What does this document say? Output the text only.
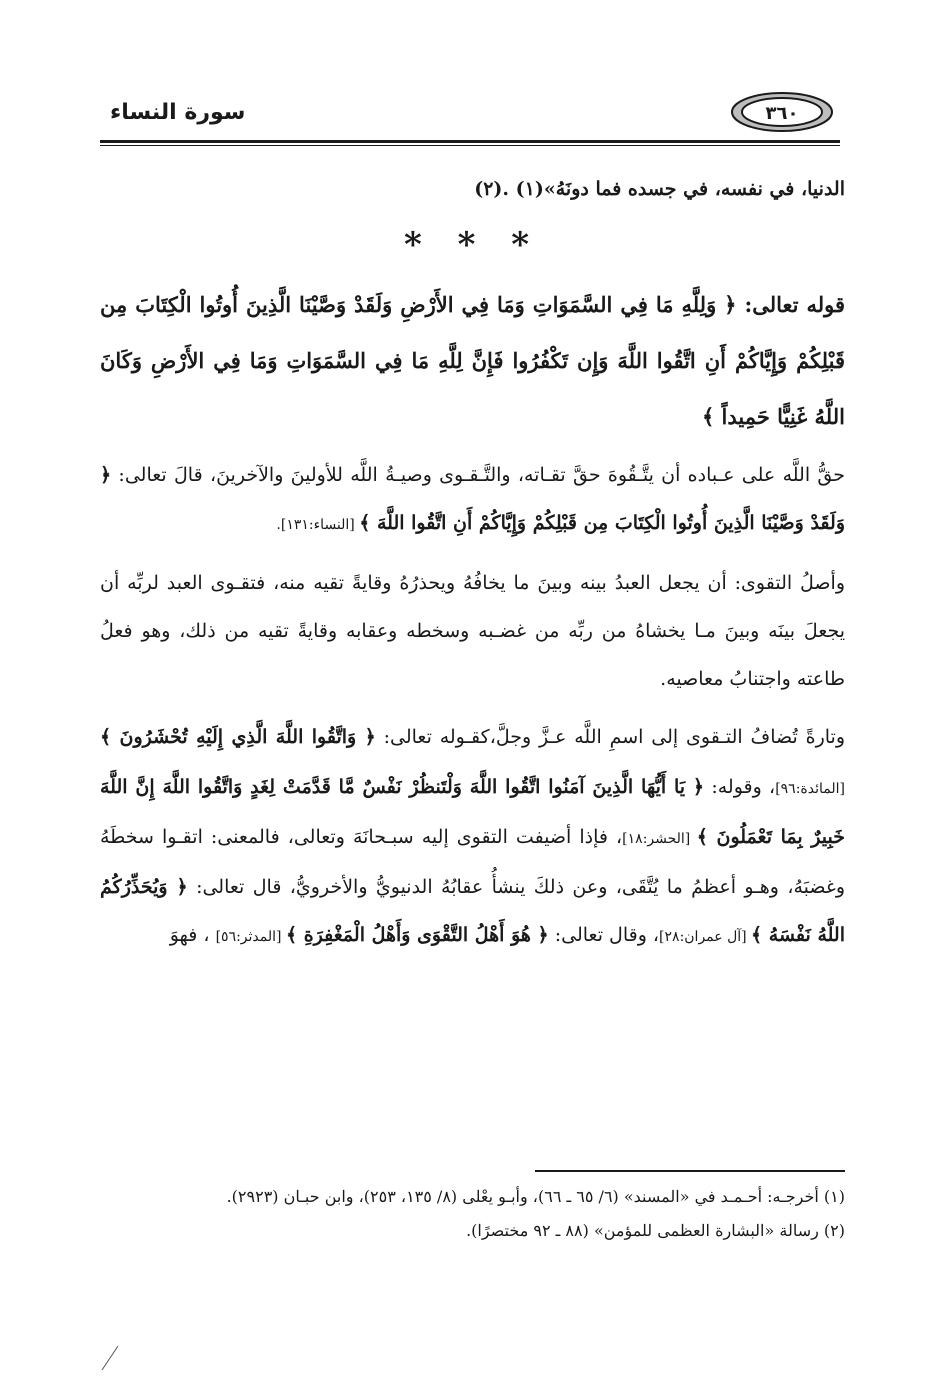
سورة النساء	٣٦٠

الدنيا، في نفسه، في جسده فما دونَهُ»(١) .(٢)

* * *

قوله تعالى: ﴿ وَلِلَّهِ مَا فِي السَّمَوَاتِ وَمَا فِي الأَرْضِ وَلَقَدْ وَصَّيْنَا الَّذِينَ أُوتُوا الْكِتَابَ مِن قَبْلِكُمْ وَإِيَّاكُمْ أَنِ اتَّقُوا اللَّهَ وَإِن تَكْفُرُوا فَإِنَّ لِلَّهِ مَا فِي السَّمَوَاتِ وَمَا فِي الأَرْضِ وَكَانَ اللَّهُ غَنِيًّا حَمِيداً ﴾

حقُّ اللَّه على عـباده أن يتَّـقُوهَ حقَّ تقـاته، والتَّـقـوى وصيـةُ اللَّه للأولينَ والآخرينَ، قالَ تعالى: ﴿ وَلَقَدْ وَصَّيْنَا الَّذِينَ أُوتُوا الْكِتَابَ مِن قَبْلِكُمْ وَإِيَّاكُمْ أَنِ اتَّقُوا اللَّهَ ﴾ [النساء:١٣١].

وأصلُ التقوى: أن يجعل العبدُ بينه وبينَ ما يخافُهُ ويحذرُهُ وقايةً تقيه منه، فتقـوى العبد لربِّه أن يجعلَ بينَه وبينَ مـا يخشاهُ من ربِّه من غضـبه وسخطه وعقابه وقايةً تقيه من ذلك، وهو فعلُ طاعته واجتنابُ معاصيه.

وتارةً تُضافُ التـقوى إلى اسمِ اللَّه عـزَّ وجلَّ،كقـوله تعالى: ﴿ وَاتَّقُوا اللَّهَ الَّذِي إِلَيْهِ تُحْشَرُونَ ﴾ [المائدة:٩٦]، وقوله: ﴿ يَا أَيُّهَا الَّذِينَ آمَنُوا اتَّقُوا اللَّهَ وَلْتَنظُرْ نَفْسٌ مَّا قَدَّمَتْ لِغَدٍ وَاتَّقُوا اللَّهَ إِنَّ اللَّهَ خَبِيرٌ بِمَا تَعْمَلُونَ ﴾ [الحشر:١٨]، فإذا أضيفت التقوى إليه سبـحانَهَ وتعالى، فالمعنى: اتقـوا سخطَهُ وغضبَهُ، وهـو أعظمُ ما يُتَّقَى، وعن ذلكَ ينشأُ عقابُهُ الدنيويُّ والأخرويُّ، قال تعالى: ﴿ وَيُحَذِّرُكُمُ اللَّهُ نَفْسَهُ ﴾ [آل عمران:٢٨]، وقال تعالى: ﴿ هُوَ أَهْلُ التَّقْوَى وَأَهْلُ الْمَغْفِرَةِ ﴾ [المدثر:٥٦] ، فهوَ

(١) أخرجـه: أحـمـد في «المسند» (٦/ ٦٥ ـ ٦٦)، وأبـو يعْلى (٨/ ١٣٥، ٢٥٣)، وابن حبـان (٢٩٢٣).

(٢) رسالة «البشارة العظمى للمؤمن» (٨٨ ـ ٩٢ مختصرًا).
